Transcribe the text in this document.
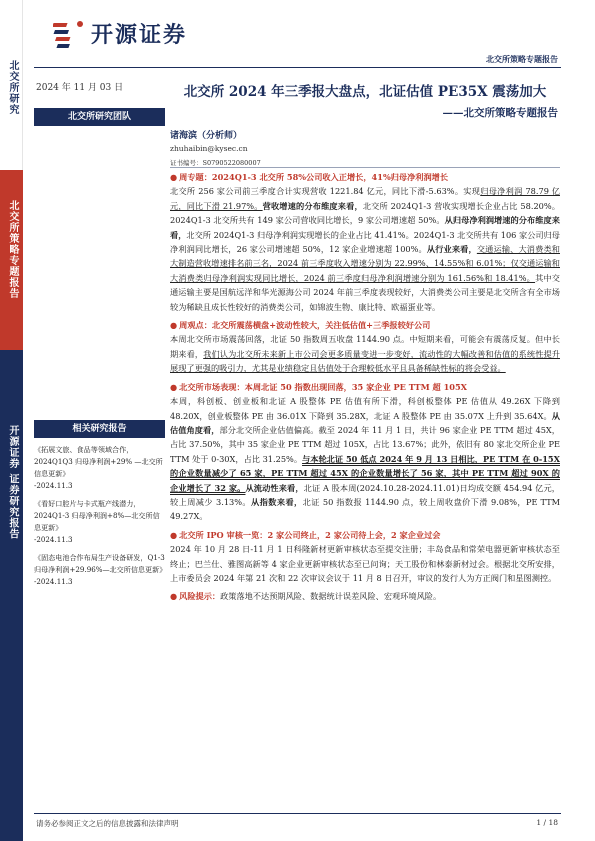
北交所研究
北交所策略专题报告
开源证券 证券研究报告
开源证券
北交所策略专题报告
2024 年 11 月 03 日
北交所研究团队
北交所 2024 年三季报大盘点，北证估值 PE35X 震荡加大
——北交所策略专题报告
诸海滨（分析师）
zhuhaibin@kysec.cn
证书编号：S0790522080007
● 周专题：2024Q1-3 北交所 58%公司收入正增长，41%归母净利润增长
北交所 256 家公司前三季度合计实现营收 1221.84 亿元，同比下滑-5.63%。实现归母净利润 78.79 亿元，同比下滑 21.97%。营收增速的分布维度来看，北交所 2024Q1-3 营收实现增长企业占比 58.20%。2024Q1-3 北交所共有 149 家公司营收同比增长，9 家公司增速超 50%。从归母净利润增速的分布维度来看，北交所 2024Q1-3 归母净利润实现增长的企业占比 41.41%。2024Q1-3 北交所共有 106 家公司归母净利润同比增长，26 家公司增速超 50%，12 家企业增速超 100%。从行业来看，交通运输、大消费类和大制造营收增速排名前三名，2024 前三季度收入增速分别为 22.99%、14.55%和 6.01%；仅交通运输和大消费类归母净利润实现同比增长，2024 前三季度归母净利润增速分别为 161.56%和 18.41%。其中交通运输主要是国航远洋和华光源海公司 2024 年前三季度表现较好，大消费类公司主要是北交所含有全市场较为稀缺且成长性较好的消费类公司，如锦波生物、康比特、欧福蛋业等。
● 周观点：北交所震荡横盘+波动性较大，关注低估值+三季报较好公司
本周北交所市场震荡回落，北证 50 指数周五收盘 1144.90 点。中短期来看，可能会有震荡反复。但中长期来看，我们认为北交所未来新上市公司会更多质量变进一步变好，流动性的大幅改善和估值的系统性提升展现了更强的吸引力，尤其是业绩稳定且估值处于合理較低水平且具备稀缺性标的将会受益。
● 北交所市场表现：本周北证 50 指数出现回落，35 家企业 PE TTM 超 105X
本周，科创板、创业板和北证 A 股整体 PE 估值有所下滑，科创板整体 PE 估值从 49.26X 下降到 48.20X，创业板整体 PE 由 36.01X 下降到 35.28X，北证 A 股整体 PE 由 35.07X 上升到 35.64X。从估值角度看，部分北交所企业估值偏高。截至 2024 年 11 月 1 日，共计 96 家企业 PE TTM 超过 45X，占比 37.50%，其中 35 家企业 PE TTM 超过 105X，占比 13.67%；此外，依旧有 80 家北交所企业 PE TTM 处于 0-30X，占比 31.25%。与本轮北证 50 低点 2024 年 9 月 13 日相比，PE TTM 在 0-15X 的企业数量减少了 65 家，PE TTM 超过 45X 的企业数量增长了 56 家，其中 PE TTM 超过 90X 的企业增长了 32 家。从流动性来看，北证 A 股本周(2024.10.28-2024.11.01)日均成交额 454.94 亿元，较上周减少 3.13%。从指数来看，北证 50 指数报 1144.90 点，较上周收盘价下滑 9.08%，PE TTM 49.27X。
● 北交所 IPO 审核一览：2 家公司终止，2 家公司待上会，2 家企业过会
2024 年 10 月 28 日-11 月 1 日科隆新材更新审核状态至提交注册；丰岛食品和常荣电器更新审核状态至终止；巴兰仕、雅图高新等 4 家企业更新审核状态至已问询；天工股份和林泰新材过会。根据北交所安排，上市委员会 2024 年第 21 次和 22 次审议会议于 11 月 8 日召开，审议的发行人为方正阀门和星图测控。
● 风险提示：政策落地不达预期风险、数据统计误差风险、宏观环境风险。
相关研究报告
《拓展文旅、食品等领域合作，2024Q1Q3 归母净利润+29% —北交所信息更新》
-2024.11.3
《看好口腔片与卡式瓶产线潜力，2024Q1-3 归母净利润+8%—北交所信息更新》
-2024.11.3
《固态电池合作布局生产设备研发，Q1-3 归母净利润+29.96%—北交所信息更新》
-2024.11.3
请务必参阅正文之后的信息披露和法律声明	1 / 18
